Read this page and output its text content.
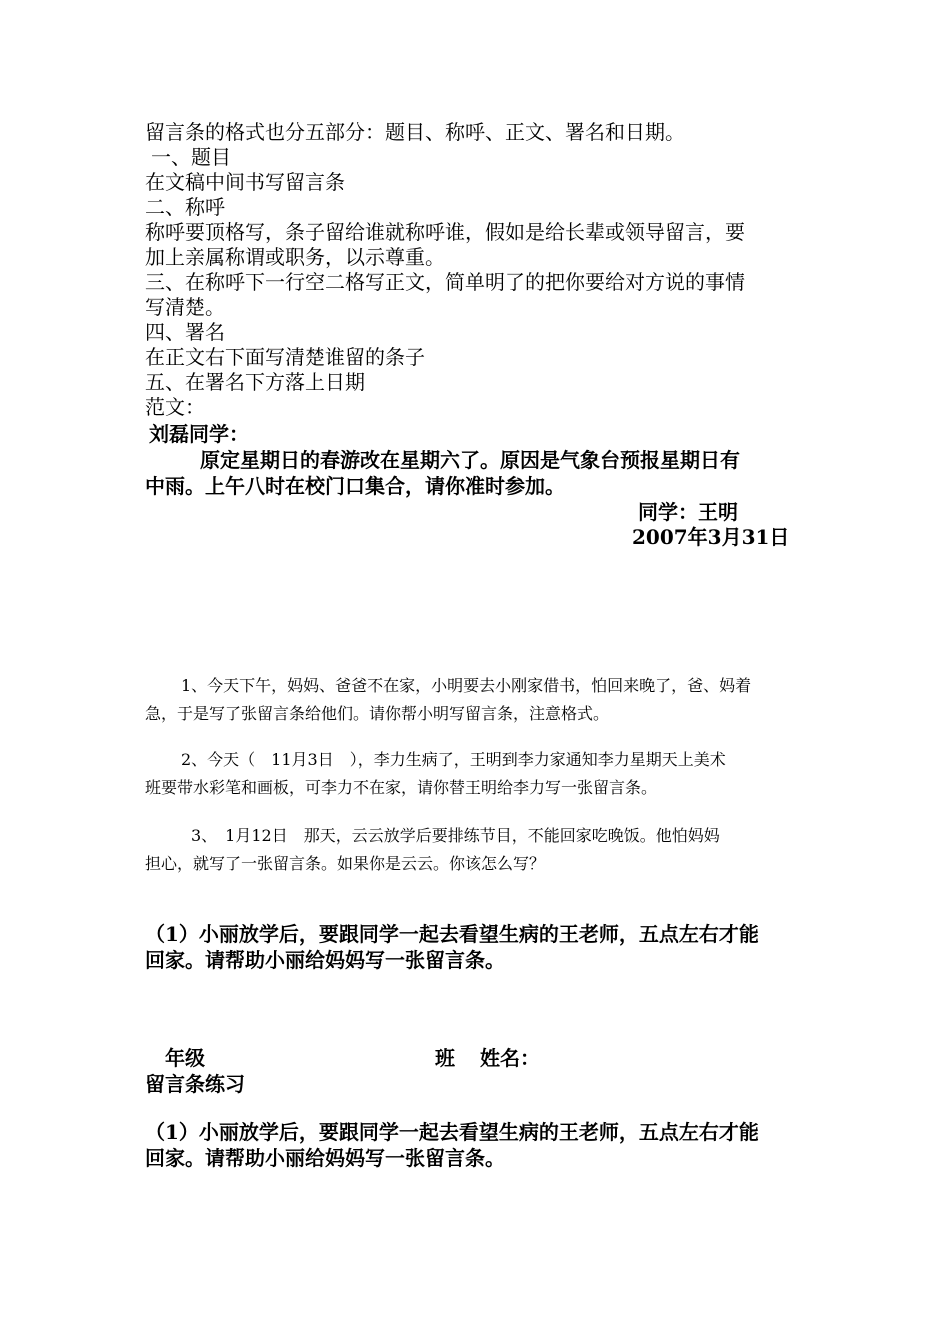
留言条的格式也分五部分：题目、称呼、正文、署名和日期。
一、题目
在文稿中间书写留言条
二、称呼
称呼要顶格写，条子留给谁就称呼谁，假如是给长辈或领导留言，要
加上亲属称谓或职务，以示尊重。
三、在称呼下一行空二格写正文，简单明了的把你要给对方说的事情
写清楚。
四、署名
在正文右下面写清楚谁留的条子
五、在署名下方落上日期
范文：
刘磊同学：
原定星期日的春游改在星期六了。原因是气象台预报星期日有
中雨。上午八时在校门口集合，请你准时参加。
同学：王明
2007年3月31日
1、今天下午，妈妈、爸爸不在家，小明要去小刚家借书，怕回来晚了，爸、妈着
急，于是写了张留言条给他们。请你帮小明写留言条，注意格式。
2、今天（　11月3日　），李力生病了，王明到李力家通知李力星期天上美术
班要带水彩笔和画板，可李力不在家，请你替王明给李力写一张留言条。
3、　1月12日　那天，云云放学后要排练节目，不能回家吃晚饭。他怕妈妈
担心，就写了一张留言条。如果你是云云。你该怎么写？
（1）小丽放学后，要跟同学一起去看望生病的王老师，五点左右才能
回家。请帮助小丽给妈妈写一张留言条。
年级	班 姓名：
留言条练习
（1）小丽放学后，要跟同学一起去看望生病的王老师，五点左右才能
回家。请帮助小丽给妈妈写一张留言条。
